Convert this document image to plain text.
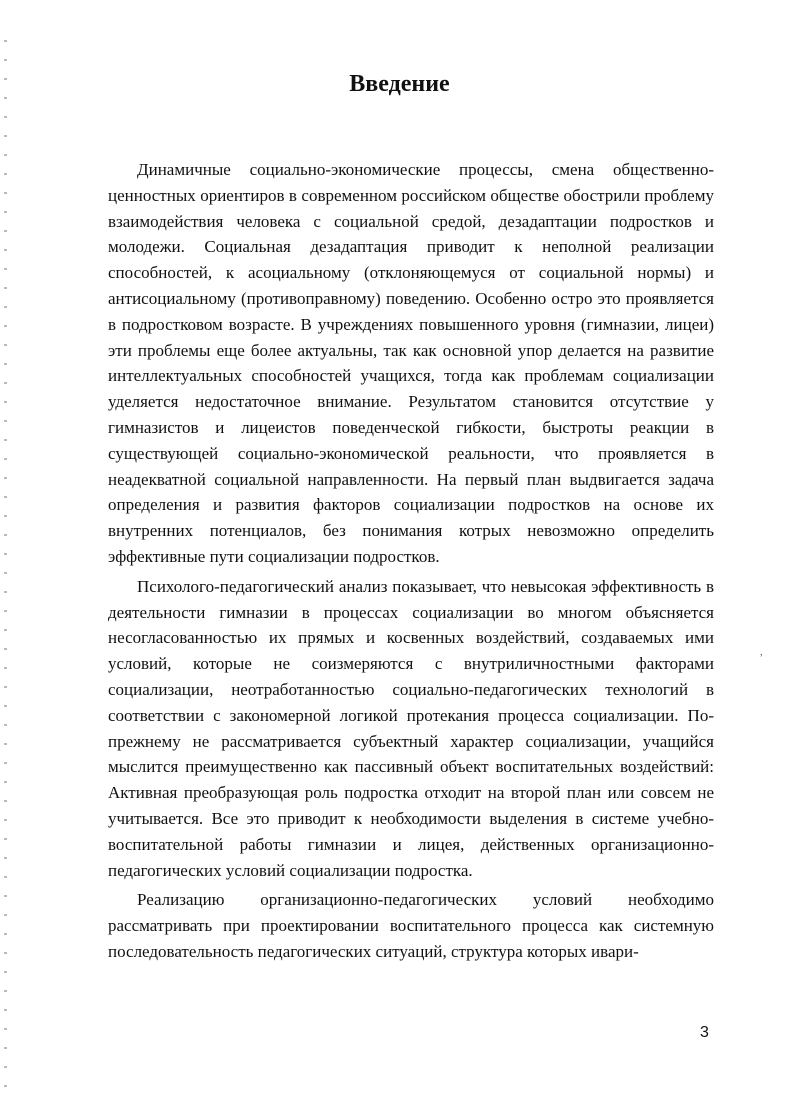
Введение

Динамичные социально-экономические процессы, смена общественно-ценностных ориентиров в современном российском обществе обострили проблему взаимодействия человека с социальной средой, дезадаптации подростков и молодежи. Социальная дезадаптация приводит к неполной реализации способностей, к асоциальному (отклоняющемуся от социальной нормы) и антисоциальному (противоправному) поведению. Особенно остро это проявляется в подростковом возрасте. В учреждениях повышенного уровня (гимназии, лицеи) эти проблемы еще более актуальны, так как основной упор делается на развитие интеллектуальных способностей учащихся, тогда как проблемам социализации уделяется недостаточное внимание. Результатом становится отсутствие у гимназистов и лицеистов поведенческой гибкости, быстроты реакции в существующей социально-экономической реальности, что проявляется в неадекватной социальной направленности. На первый план выдвигается задача определения и развития факторов социализации подростков на основе их внутренних потенциалов, без понимания котрых невозможно определить эффективные пути социализации подростков.

Психолого-педагогический анализ показывает, что невысокая эффективность в деятельности гимназии в процессах социализации во многом объясняется несогласованностью их прямых и косвенных воздействий, создаваемых ими условий, которые не соизмеряются с внутриличностными факторами социализации, неотработанностью социально-педагогических технологий в соответствии с закономерной логикой протекания процесса социализации. По-прежнему не рассматривается субъектный характер социализации, учащийся мыслится преимущественно как пассивный объект воспитательных воздействий: Активная преобразующая роль подростка отходит на второй план или совсем не учитывается. Все это приводит к необходимости выделения в системе учебно-воспитательной работы гимназии и лицея, действенных организационно-педагогических условий социализации подростка.

Реализацию организационно-педагогических условий необходимо рассматривать при проектировании воспитательного процесса как системную последовательность педагогических ситуаций, структура которых ивари-

,
3
